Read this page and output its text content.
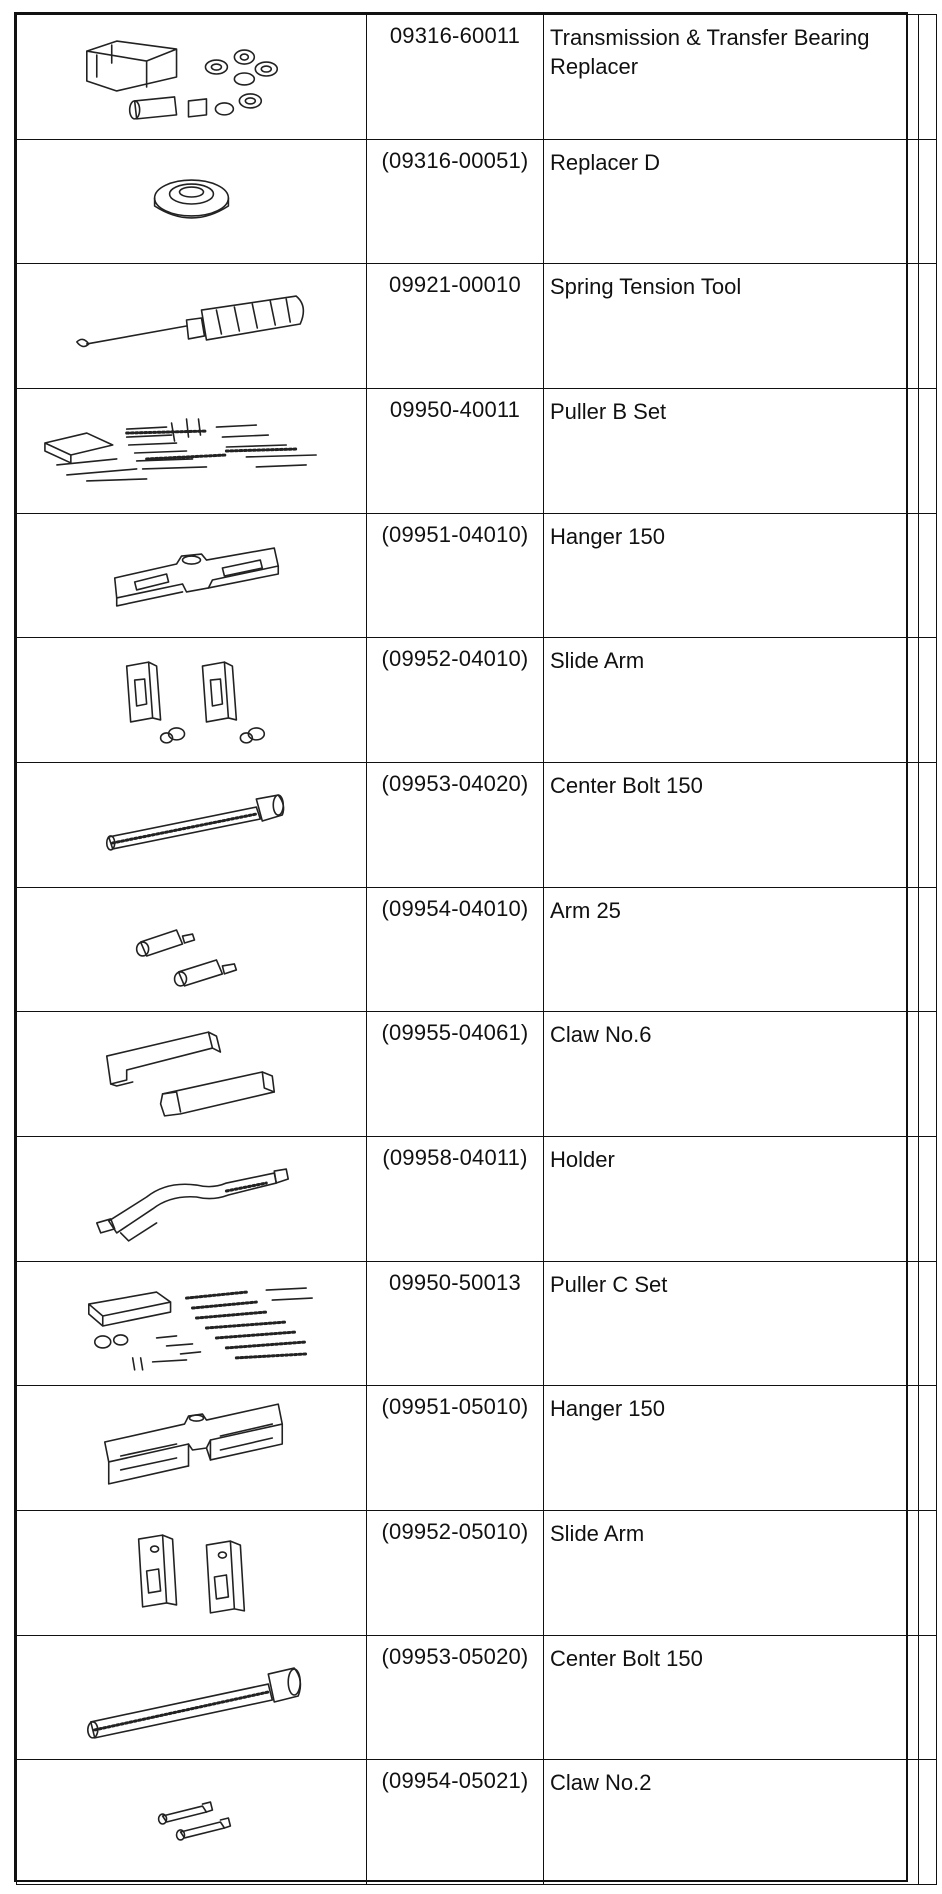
	09316-60011	Transmission & Transfer Bearing Replacer	

	(09316-00051)	Replacer D	

	09921-00010	Spring Tension Tool	

	09950-40011	Puller B Set	

	(09951-04010)	Hanger 150	

	(09952-04010)	Slide Arm	

	(09953-04020)	Center Bolt 150	

	(09954-04010)	Arm 25	

	(09955-04061)	Claw No.6	

	(09958-04011)	Holder	

	09950-50013	Puller C Set	

	(09951-05010)	Hanger 150	

	(09952-05010)	Slide Arm	

	(09953-05020)	Center Bolt 150	

	(09954-05021)	Claw No.2	
